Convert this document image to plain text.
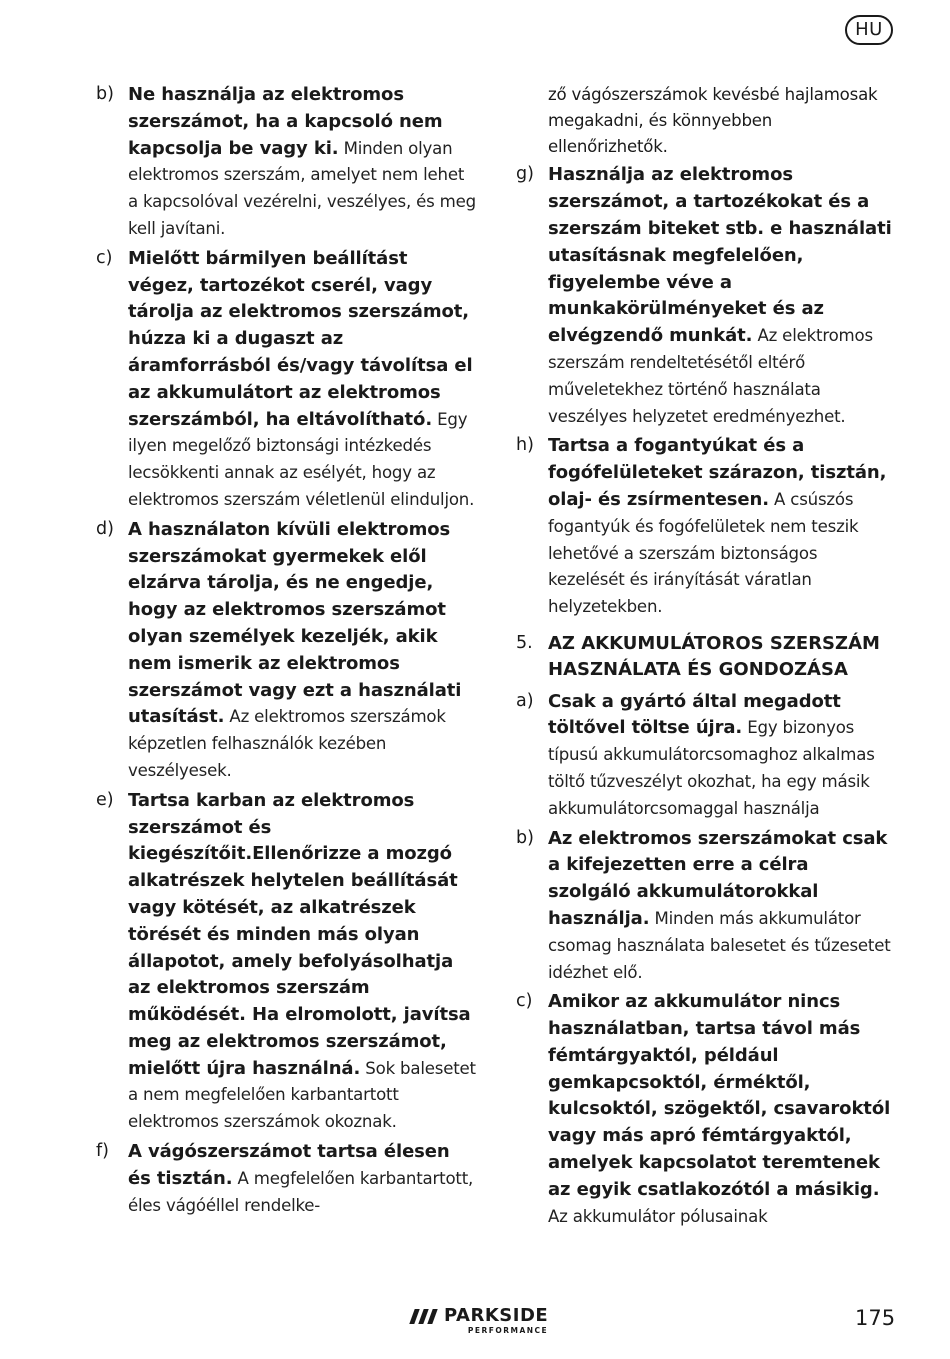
HU
b) Ne használja az elektromos szerszámot, ha a kapcsoló nem kapcsolja be vagy ki. Minden olyan elektromos szerszám, amelyet nem lehet a kapcsolóval vezérelni, veszélyes, és meg kell javítani.
c) Mielőtt bármilyen beállítást végez, tartozékot cserél, vagy tárolja az elektromos szerszámot, húzza ki a dugaszt az áramforrásból és/vagy távolítsa el az akkumulátort az elektromos szerszámból, ha eltávolítható. Egy ilyen megelőző biztonsági intézkedés lecsökkenti annak az esélyét, hogy az elektromos szerszám véletlenül elinduljon.
d) A használaton kívüli elektromos szerszámokat gyermekek elől elzárva tárolja, és ne engedje, hogy az elektromos szerszámot olyan személyek kezeljék, akik nem ismerik az elektromos szerszámot vagy ezt a használati utasítást. Az elektromos szerszámok képzetlen felhasználók kezében veszélyesek.
e) Tartsa karban az elektromos szerszámot és kiegészítőit.Ellenőrizze a mozgó alkatrészek helytelen beállítását vagy kötését, az alkatrészek törését és minden más olyan állapotot, amely befolyásolhatja az elektromos szerszám működését. Ha elromolott, javítsa meg az elektromos szerszámot, mielőtt újra használná. Sok balesetet a nem megfelelően karbantartott elektromos szerszámok okoznak.
f)	A vágószerszámot tartsa élesen és tisztán. A megfelelően karbantartott, éles vágóéllel rendelke-
ző vágószerszámok kevésbé hajlamosak megakadni, és könnyebben ellenőrizhetők.
g) Használja az elektromos szerszámot, a tartozékokat és a szerszám biteket stb. e használati utasításnak megfelelően, figyelembe véve a munkakörülményeket és az elvégzendő munkát. Az elektromos szerszám rendeltetésétől eltérő műveletekhez történő használata veszélyes helyzetet eredményezhet.
h) Tartsa a fogantyúkat és a fogófelületeket szárazon, tisztán, olaj- és zsírmentesen. A csúszós fogantyúk és fogófelületek nem teszik lehetővé a szerszám biztonságos kezelését és irányítását váratlan helyzetekben.
5. AZ AKKUMULÁTOROS SZERSZÁM HASZNÁLATA ÉS GONDOZÁSA
a) Csak a gyártó által megadott töltővel töltse újra. Egy bizonyos típusú akkumulátorcsomaghoz alkalmas töltő tűzveszélyt okozhat, ha egy másik akkumulátorcsomaggal használja
b) Az elektromos szerszámokat csak a kifejezetten erre a célra szolgáló akkumulátorokkal használja. Minden más akkumulátor csomag használata balesetet és tűzesetet idézhet elő.
c) Amikor az akkumulátor nincs használatban, tartsa távol más fémtárgyaktól, például gemkapcsoktól, érméktől, kulcsoktól, szögektől, csavaroktól vagy más apró fémtárgyaktól, amelyek kapcsolatot teremtenek az egyik csatlakozótól a másikig. Az akkumulátor pólusainak
PARKSIDE
PERFORMANCE
175
